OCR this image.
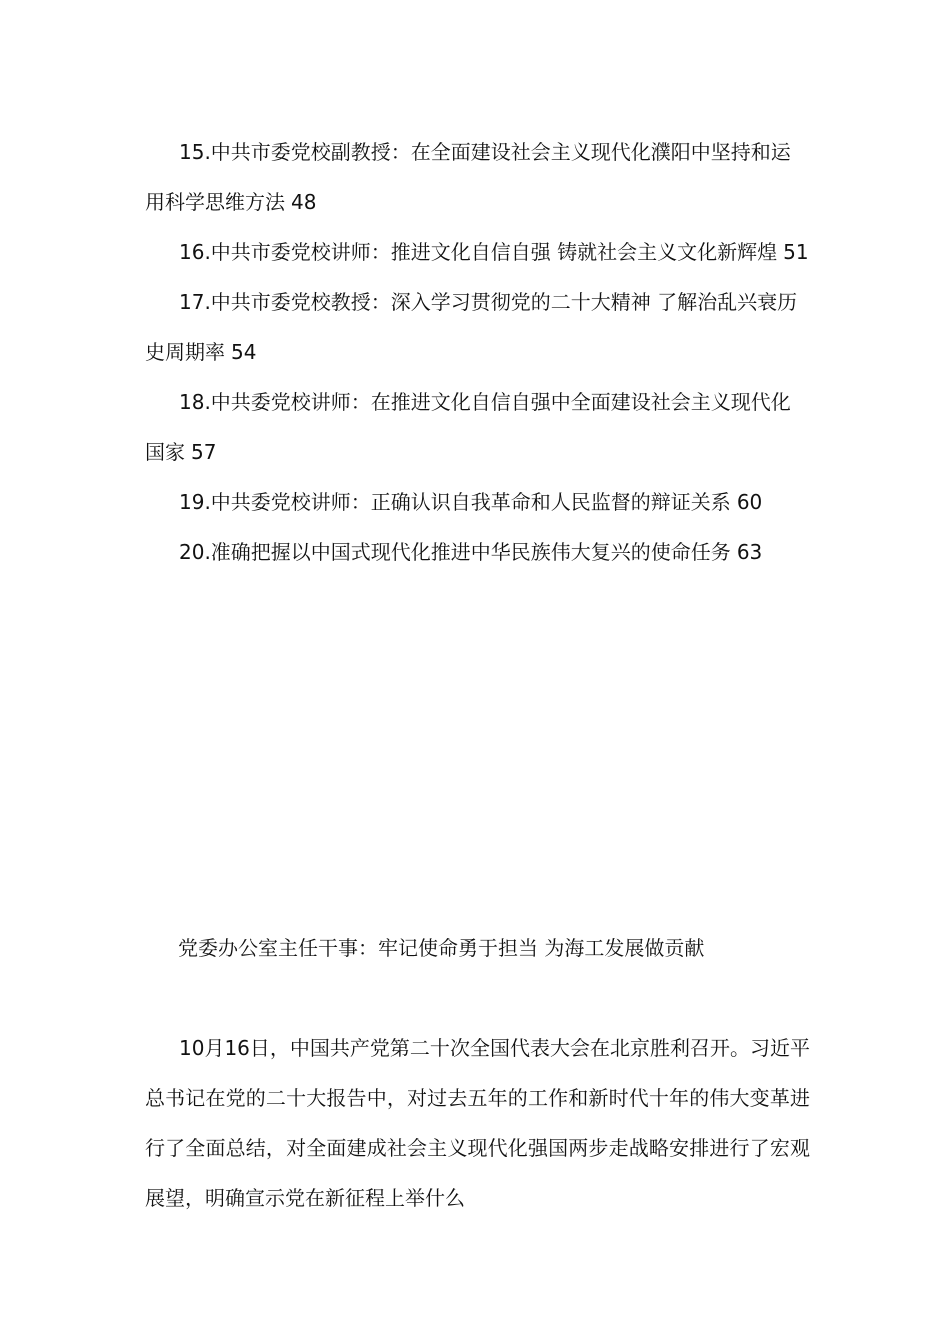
15.中共市委党校副教授：在全面建设社会主义现代化濮阳中坚持和运用科学思维方法 48

16.中共市委党校讲师：推进文化自信自强 铸就社会主义文化新辉煌 51

17.中共市委党校教授：深入学习贯彻党的二十大精神 了解治乱兴衰历史周期率 54

18.中共委党校讲师：在推进文化自信自强中全面建设社会主义现代化国家 57

19.中共委党校讲师：正确认识自我革命和人民监督的辩证关系 60

20.准确把握以中国式现代化推进中华民族伟大复兴的使命任务 63

党委办公室主任干事：牢记使命勇于担当 为海工发展做贡献

10月16日，中国共产党第二十次全国代表大会在北京胜利召开。习近平总书记在党的二十大报告中，对过去五年的工作和新时代十年的伟大变革进行了全面总结，对全面建成社会主义现代化强国两步走战略安排进行了宏观展望，明确宣示党在新征程上举什么
